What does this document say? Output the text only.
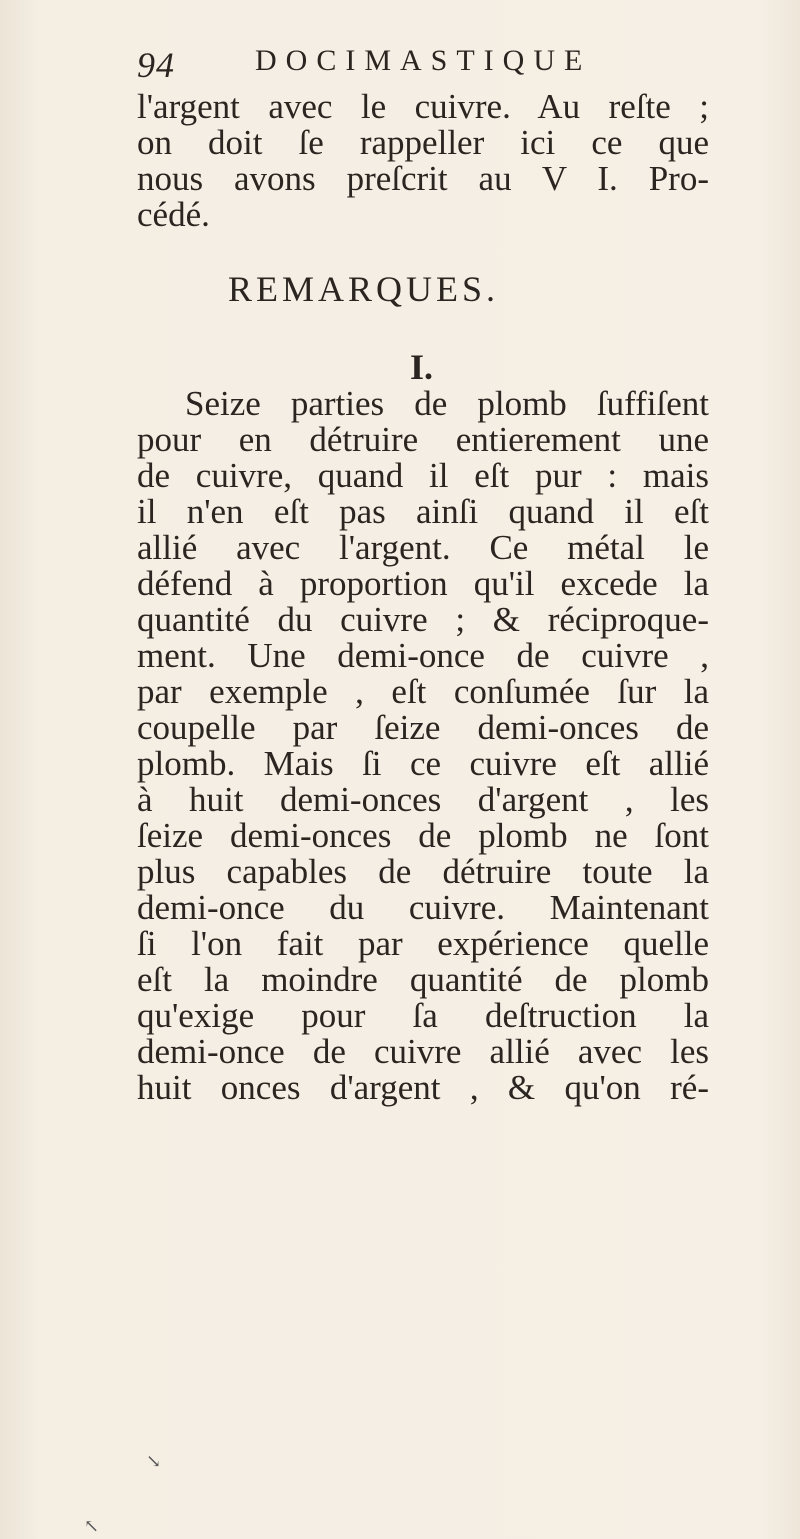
94	DOCIMASTIQUE
l'argent avec le cuivre. Au reſte ;
on doit ſe rappeller ici ce que
nous avons preſcrit au V I. Pro-
cédé.
REMARQUES.
I.
Seize parties de plomb ſuffiſent
pour en détruire entierement une
de cuivre, quand il eſt pur : mais
il n'en eſt pas ainſi quand il eſt
allié avec l'argent. Ce métal le
défend à proportion qu'il excede la
quantité du cuivre ; & réciproque-
ment. Une demi-once de cuivre ,
par exemple , eſt conſumée ſur la
coupelle par ſeize demi-onces de
plomb. Mais ſi ce cuivre eſt allié
à huit demi-onces d'argent , les
ſeize demi-onces de plomb ne ſont
plus capables de détruire toute la
demi-once du cuivre. Maintenant
ſi l'on fait par expérience quelle
eſt la moindre quantité de plomb
qu'exige pour ſa deſtruction la
demi-once de cuivre allié avec les
huit onces d'argent , & qu'on ré-
↘
↖
